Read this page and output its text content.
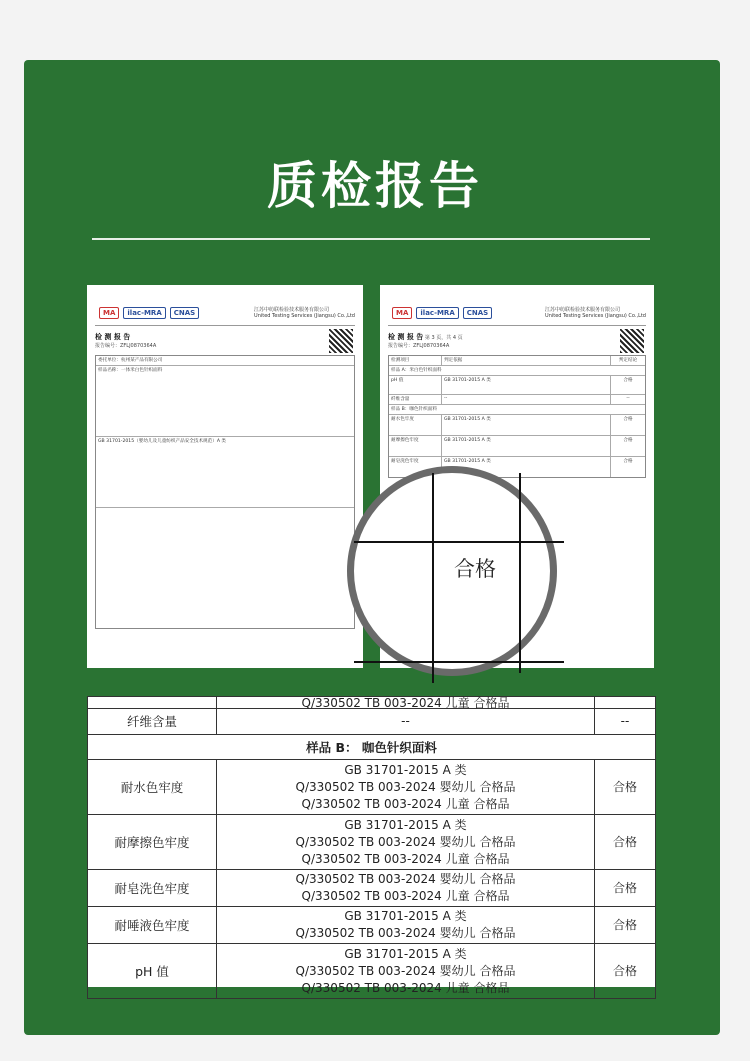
质检报告
MA	ilac-MRA	CNAS	江苏中纺联检验技术服务有限公司
United Testing Services (Jiangsu) Co.,Ltd
检 测 报 告
报告编号：ZFLJ0870364A
委托单位：杭州某产品有限公司
样品名称：一体米白色针织面料
GB 31701-2015（婴幼儿及儿童纺织产品安全技术规范）A 类
MA	ilac-MRA	CNAS	江苏中纺联检验技术服务有限公司
United Testing Services (Jiangsu) Co.,Ltd
检 测 报 告 第 3 页，共 4 页
报告编号：ZFLJ0870364A
检测项目	判定依据	判定结论
样品 A：米白色针织面料
pH 值	GB 31701-2015 A 类	合格
纤维含量	--	--
样品 B：咖色针织面料
耐水色牢度	GB 31701-2015 A 类	合格
耐摩擦色牢度	GB 31701-2015 A 类	合格
耐皂洗色牢度	GB 31701-2015 A 类	合格
合格
	Q/330502 TB 003-2024 儿童 合格品	
纤维含量	--	--
样品 B： 咖色针织面料		
耐水色牢度	GB 31701-2015 A 类
Q/330502 TB 003-2024 婴幼儿 合格品
Q/330502 TB 003-2024 儿童 合格品	合格
耐摩擦色牢度	GB 31701-2015 A 类
Q/330502 TB 003-2024 婴幼儿 合格品
Q/330502 TB 003-2024 儿童 合格品	合格
耐皂洗色牢度	Q/330502 TB 003-2024 婴幼儿 合格品
Q/330502 TB 003-2024 儿童 合格品	合格
耐唾液色牢度	GB 31701-2015 A 类
Q/330502 TB 003-2024 婴幼儿 合格品	合格
pH 值	GB 31701-2015 A 类
Q/330502 TB 003-2024 婴幼儿 合格品
Q/330502 TB 003-2024 儿童 合格品	合格
